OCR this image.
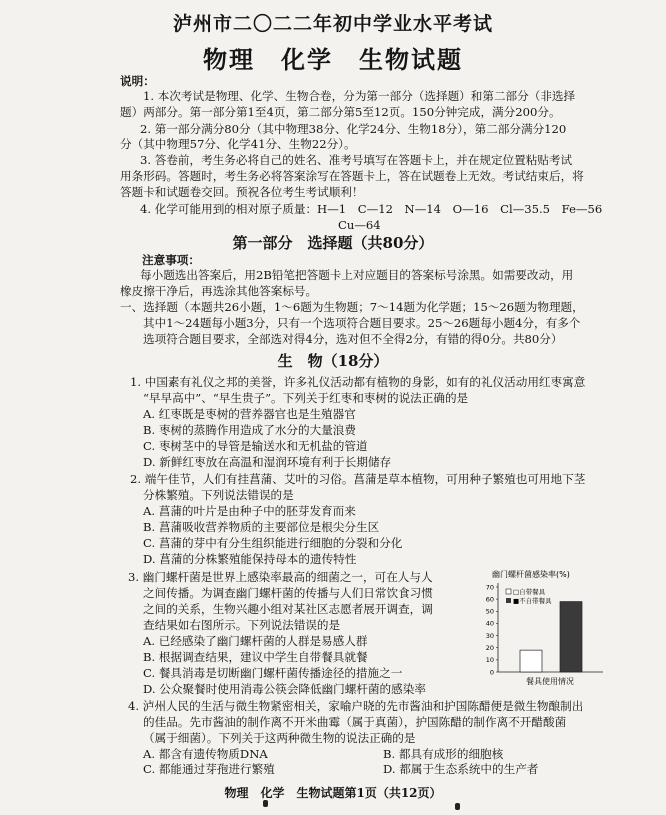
泸州市二〇二二年初中学业水平考试
物理　化学　生物试题
说明：
1. 本次考试是物理、化学、生物合卷，分为第一部分（选择题）和第二部分（非选择
题）两部分。第一部分第1至4页，第二部分第5至12页。150分钟完成，满分200分。
2. 第一部分满分80分（其中物理38分、化学24分、生物18分），第二部分满分120
分（其中物理57分、化学41分、生物22分）。
3. 答卷前，考生务必将自己的姓名、准考号填写在答题卡上，并在规定位置粘贴考试
用条形码。答题时，考生务必将答案涂写在答题卡上，答在试题卷上无效。考试结束后，将
答题卡和试题卷交回。预祝各位考生考试顺利！
4. 化学可能用到的相对原子质量：H—1　C—12　N—14　O—16　Cl—35.5　Fe—56
Cu—64
第一部分　选择题（共80分）
注意事项：
每小题选出答案后，用2B铅笔把答题卡上对应题目的答案标号涂黑。如需要改动，用
橡皮擦干净后，再选涂其他答案标号。
一、选择题（本题共26小题，1～6题为生物题；7～14题为化学题；15～26题为物理题，
其中1～24题每小题3分，只有一个选项符合题目要求。25～26题每小题4分，有多个
选项符合题目要求，全部选对得4分，选对但不全得2分，有错的得0分。共80分）
生　物（18分）
1. 中国素有礼仪之邦的美誉，许多礼仪活动都有植物的身影，如有的礼仪活动用红枣寓意
“早早高中”、“早生贵子”。下列关于红枣和枣树的说法正确的是
A. 红枣既是枣树的营养器官也是生殖器官
B. 枣树的蒸腾作用造成了水分的大量浪费
C. 枣树茎中的导管是输送水和无机盐的管道
D. 新鲜红枣放在高温和湿润环境有利于长期储存
2. 端午佳节，人们有挂菖蒲、艾叶的习俗。菖蒲是草本植物，可用种子繁殖也可用地下茎
分株繁殖。下列说法错误的是
A. 菖蒲的叶片是由种子中的胚芽发育而来
B. 菖蒲吸收营养物质的主要部位是根尖分生区
C. 菖蒲的芽中有分生组织能进行细胞的分裂和分化
D. 菖蒲的分株繁殖能保持母本的遗传特性
3. 幽门螺杆菌是世界上感染率最高的细菌之一，可在人与人
之间传播。为调查幽门螺杆菌的传播与人们日常饮食习惯
之间的关系，生物兴趣小组对某社区志愿者展开调查，调
查结果如右图所示。下列说法错误的是
A. 已经感染了幽门螺杆菌的人群是易感人群
B. 根据调查结果，建议中学生自带餐具就餐
C. 餐具消毒是切断幽门螺杆菌传播途径的措施之一
D. 公众聚餐时使用消毒公筷会降低幽门螺杆菌的感染率
幽门螺杆菌感染率(%)
0
10
20
30
40
50
60
70
□自带餐具
■不自带餐具
餐具使用情况
4. 泸州人民的生活与微生物紧密相关，家喻户晓的先市酱油和护国陈醋便是微生物酿制出
的佳品。先市酱油的制作离不开米曲霉（属于真菌），护国陈醋的制作离不开醋酸菌
（属于细菌）。下列关于这两种微生物的说法正确的是
A. 都含有遗传物质DNA	B. 都具有成形的细胞核
C. 都能通过芽孢进行繁殖	D. 都属于生态系统中的生产者
物理　化学　生物试题第1页（共12页）
